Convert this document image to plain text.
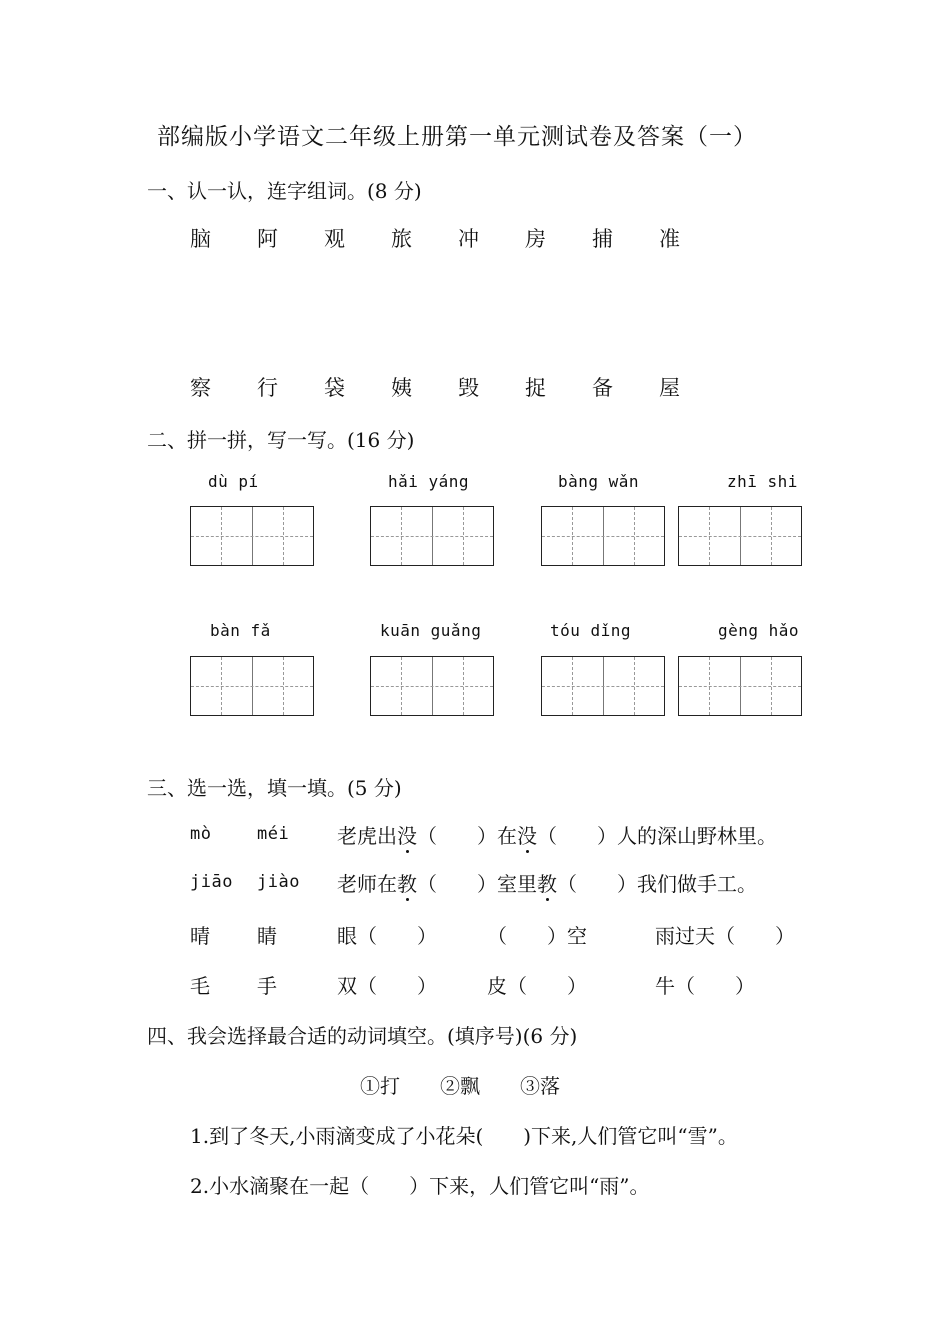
部编版小学语文二年级上册第一单元测试卷及答案（一）
一、认一认，连字组词。(8 分)
脑 阿 观 旅 冲 房 捕 准
察 行 袋 姨 毁 捉 备 屋
二、拼一拼，写一写。(16 分)
dù pí	hǎi yáng	bàng wǎn	zhī shi
bàn fǎ	kuān guǎng	tóu dǐng	gèng hǎo
三、选一选，填一填。(5 分)
mò	méi 老虎出没（　　）在没（　　）人的深山野林里。
jiāo jiào 老师在教（　　）室里教（　　）我们做手工。
晴 睛	眼（　　）	（　　）空	雨过天（　　）
毛 手	双（　　）	皮（　　）	牛（　　）
四、我会选择最合适的动词填空。(填序号)(6 分)
①打　　②飘　　③落
1.到了冬天,小雨滴变成了小花朵(　　)下来,人们管它叫“雪”。
2.小水滴聚在一起（　　）下来，人们管它叫“雨”。
